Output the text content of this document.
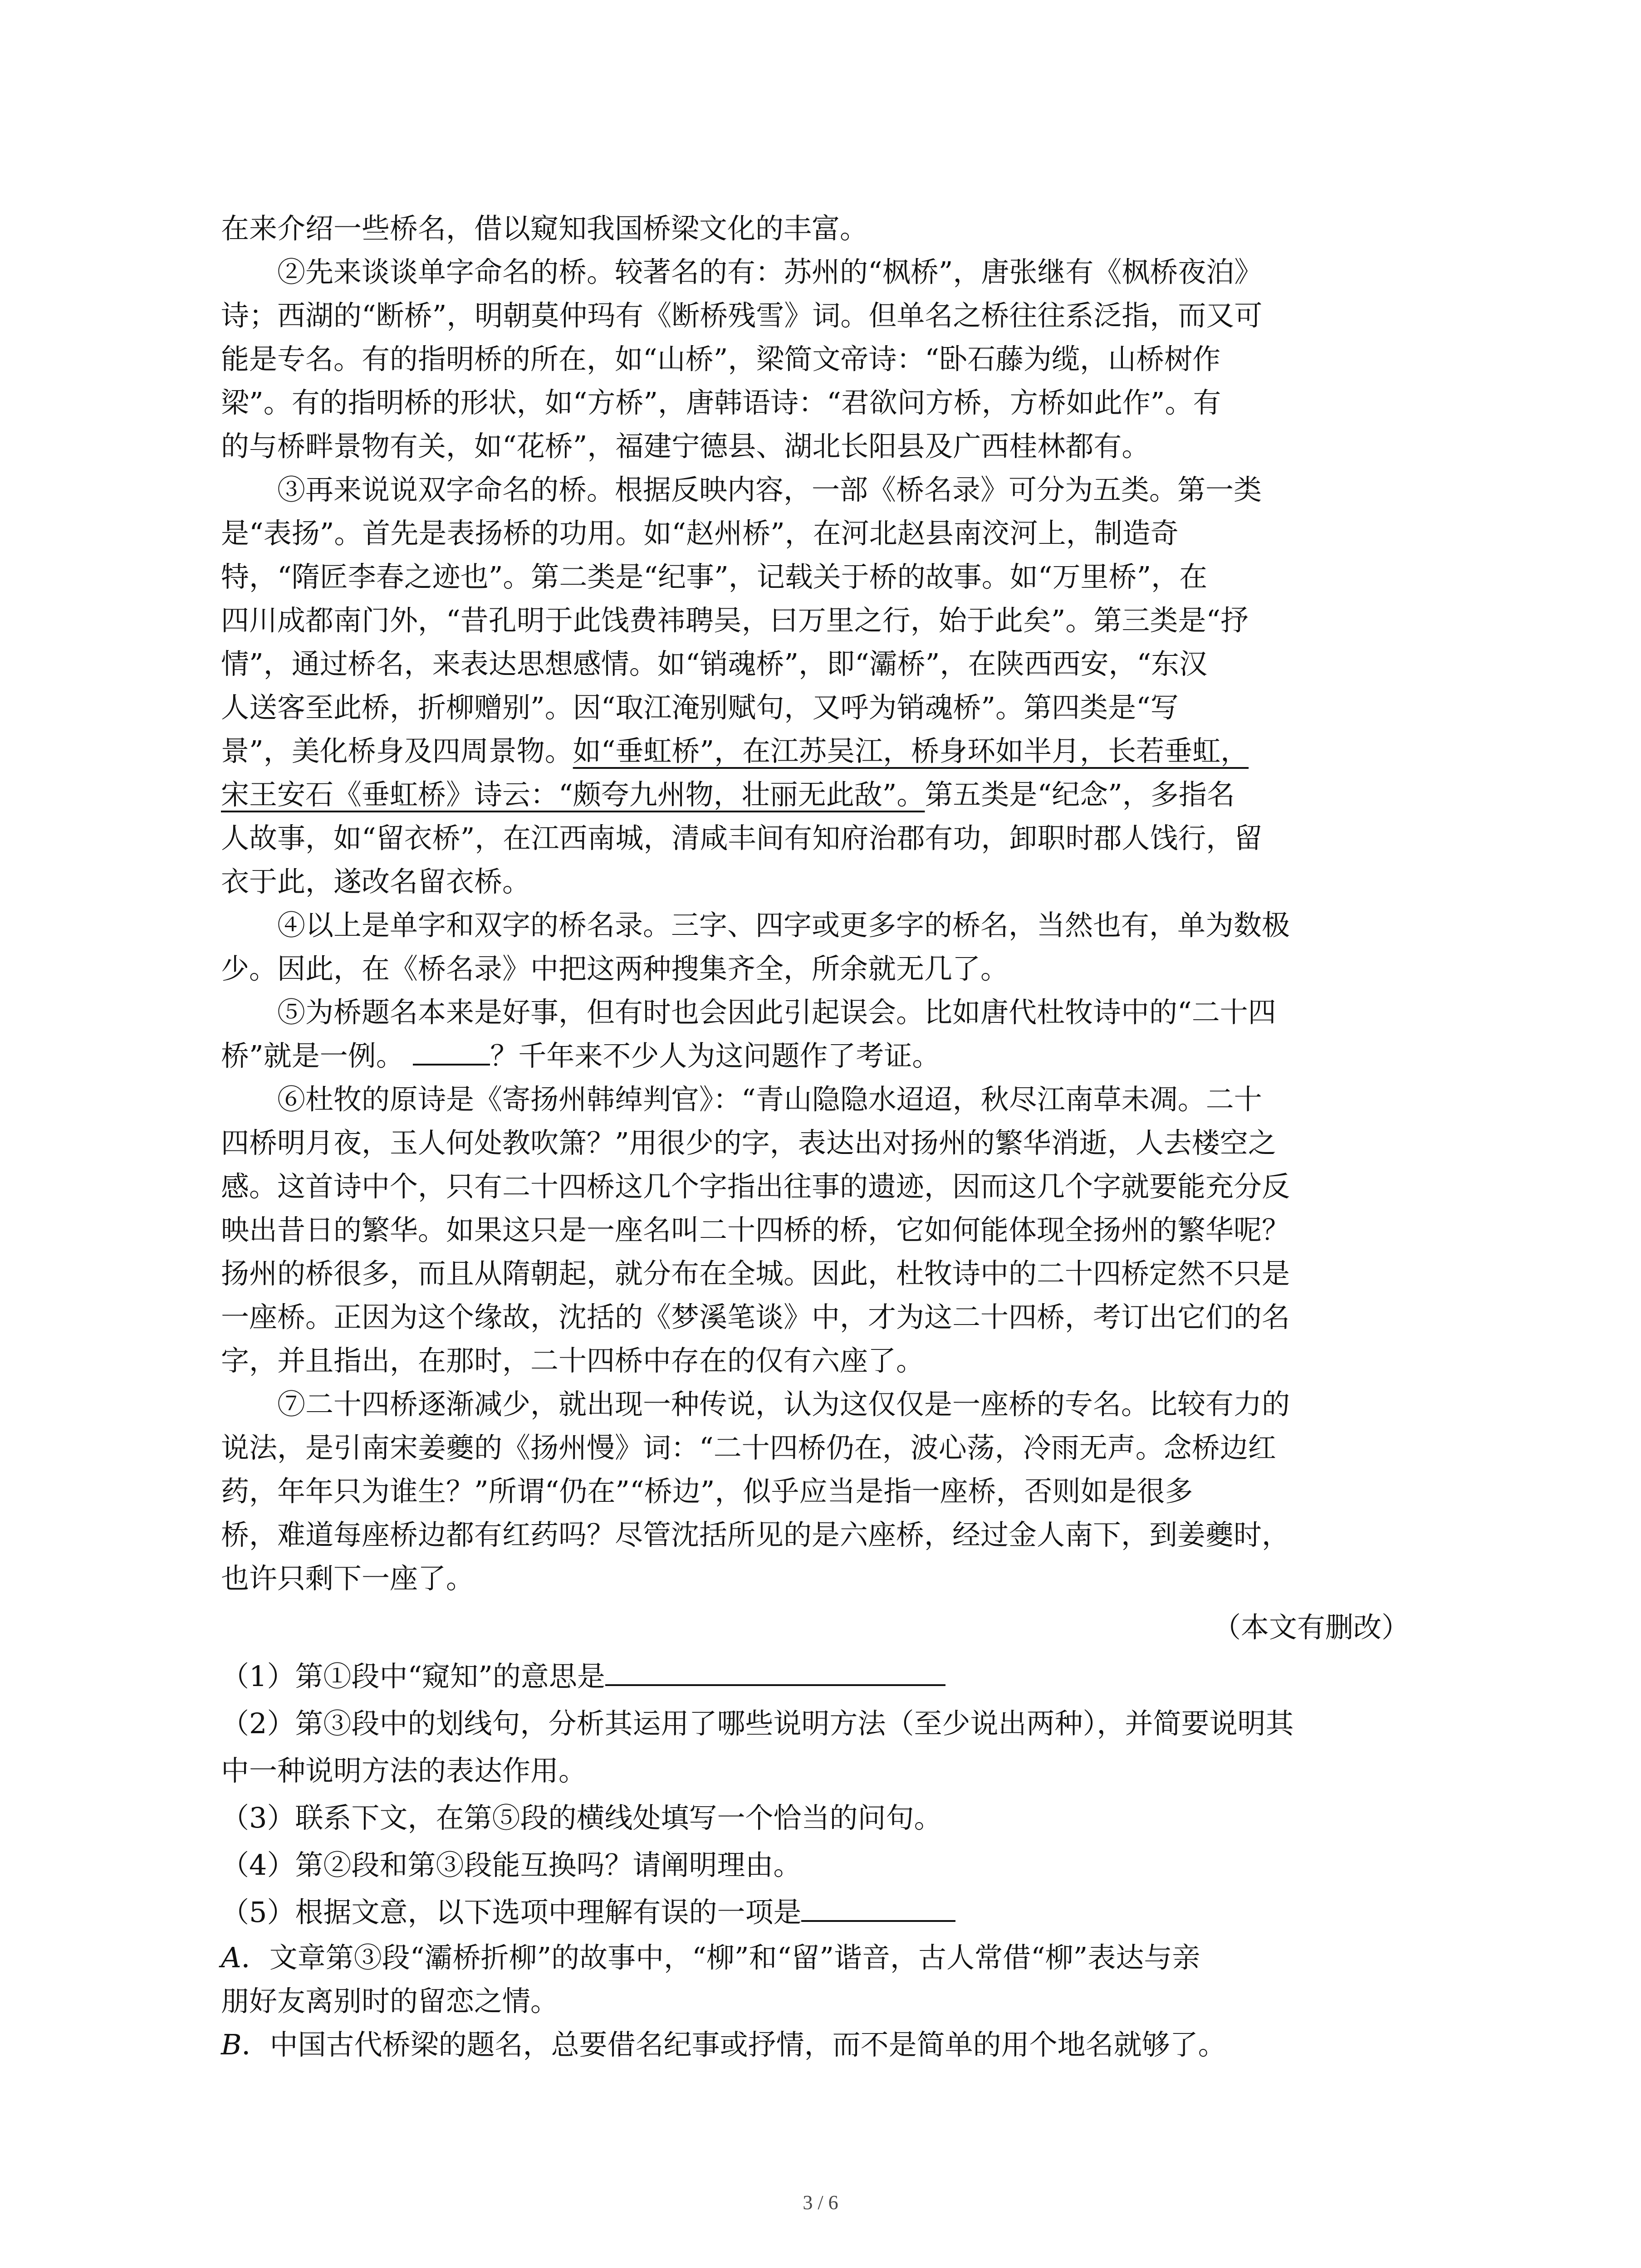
在来介绍一些桥名，借以窥知我国桥梁文化的丰富。

②先来谈谈单字命名的桥。较著名的有：苏州的“枫桥”，唐张继有《枫桥夜泊》

诗；西湖的“断桥”，明朝莫仲玛有《断桥残雪》词。但单名之桥往往系泛指，而又可

能是专名。有的指明桥的所在，如“山桥”，梁简文帝诗：“卧石藤为缆，山桥树作

梁”。有的指明桥的形状，如“方桥”，唐韩语诗：“君欲问方桥，方桥如此作”。有

的与桥畔景物有关，如“花桥”，福建宁德县、湖北长阳县及广西桂林都有。

③再来说说双字命名的桥。根据反映内容，一部《桥名录》可分为五类。第一类

是“表扬”。首先是表扬桥的功用。如“赵州桥”，在河北赵县南洨河上，制造奇

特，“隋匠李春之迹也”。第二类是“纪事”，记载关于桥的故事。如“万里桥”，在

四川成都南门外，“昔孔明于此饯费祎聘吴，曰万里之行，始于此矣”。第三类是“抒

情”，通过桥名，来表达思想感情。如“销魂桥”，即“灞桥”，在陕西西安，“东汉

人送客至此桥，折柳赠别”。因“取江淹别赋句，又呼为销魂桥”。第四类是“写

景”，美化桥身及四周景物。如“垂虹桥”，在江苏吴江，桥身环如半月，长若垂虹，

宋王安石《垂虹桥》诗云：“颇夸九州物，壮丽无此敌”。第五类是“纪念”，多指名

人故事，如“留衣桥”，在江西南城，清咸丰间有知府治郡有功，卸职时郡人饯行，留

衣于此，遂改名留衣桥。

④以上是单字和双字的桥名录。三字、四字或更多字的桥名，当然也有，单为数极

少。因此，在《桥名录》中把这两种搜集齐全，所余就无几了。

⑤为桥题名本来是好事，但有时也会因此引起误会。比如唐代杜牧诗中的“二十四

桥”就是一例。	？千年来不少人为这问题作了考证。

⑥杜牧的原诗是《寄扬州韩绰判官》：“青山隐隐水迢迢，秋尽江南草未凋。二十

四桥明月夜，玉人何处教吹箫？”用很少的字，表达出对扬州的繁华消逝，人去楼空之

感。这首诗中个，只有二十四桥这几个字指出往事的遗迹，因而这几个字就要能充分反

映出昔日的繁华。如果这只是一座名叫二十四桥的桥，它如何能体现全扬州的繁华呢？

扬州的桥很多，而且从隋朝起，就分布在全城。因此，杜牧诗中的二十四桥定然不只是

一座桥。正因为这个缘故，沈括的《梦溪笔谈》中，才为这二十四桥，考订出它们的名

字，并且指出，在那时，二十四桥中存在的仅有六座了。

⑦二十四桥逐渐减少，就出现一种传说，认为这仅仅是一座桥的专名。比较有力的

说法，是引南宋姜夔的《扬州慢》词：“二十四桥仍在，波心荡，冷雨无声。念桥边红

药，年年只为谁生？”所谓“仍在”“桥边”，似乎应当是指一座桥，否则如是很多

桥，难道每座桥边都有红药吗？尽管沈括所见的是六座桥，经过金人南下，到姜夔时，

也许只剩下一座了。

（本文有删改）

（1）第①段中“窥知”的意思是

（2）第③段中的划线句，分析其运用了哪些说明方法（至少说出两种），并简要说明其

中一种说明方法的表达作用。

（3）联系下文，在第⑤段的横线处填写一个恰当的问句。

（4）第②段和第③段能互换吗？请阐明理由。

（5）根据文意，以下选项中理解有误的一项是

A．文章第③段“灞桥折柳”的故事中，“柳”和“留”谐音，古人常借“柳”表达与亲

朋好友离别时的留恋之情。

B．中国古代桥梁的题名，总要借名纪事或抒情，而不是简单的用个地名就够了。

3 / 6
